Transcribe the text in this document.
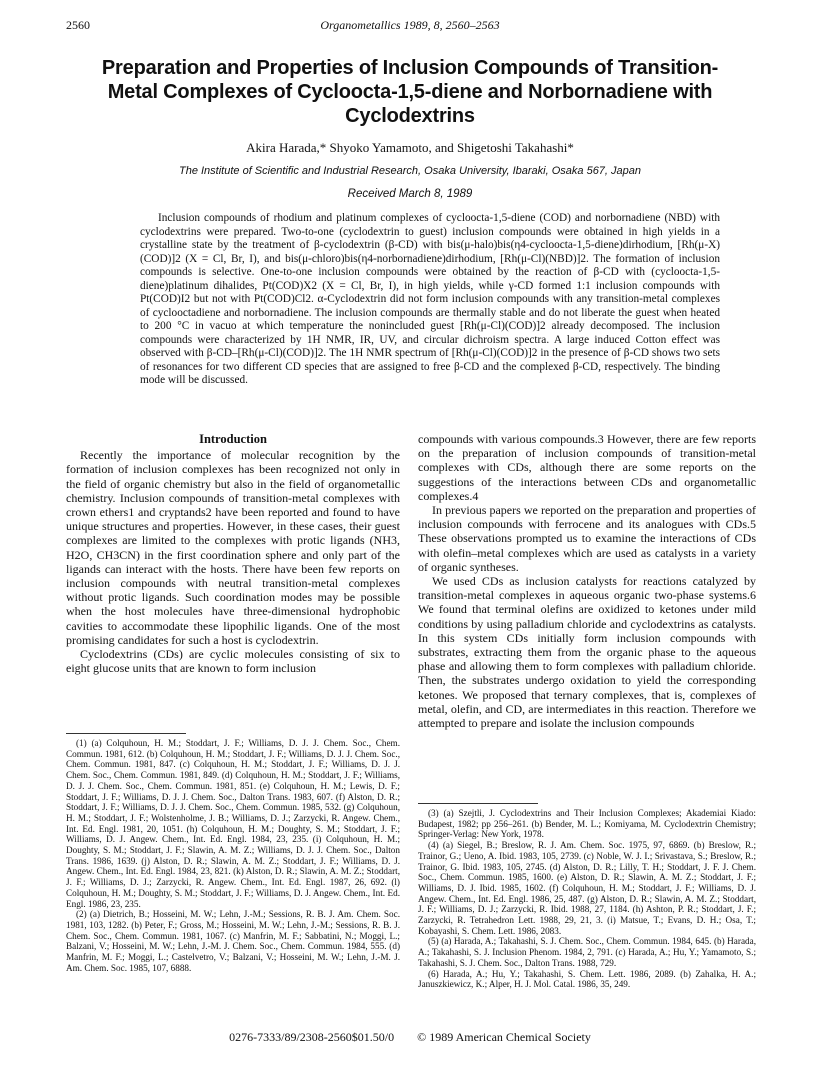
2560	Organometallics 1989, 8, 2560–2563
Preparation and Properties of Inclusion Compounds of Transition-Metal Complexes of Cycloocta-1,5-diene and Norbornadiene with Cyclodextrins
Akira Harada,* Shyoko Yamamoto, and Shigetoshi Takahashi*
The Institute of Scientific and Industrial Research, Osaka University, Ibaraki, Osaka 567, Japan
Received March 8, 1989

Inclusion compounds of rhodium and platinum complexes of cycloocta-1,5-diene (COD) and norbornadiene (NBD) with cyclodextrins were prepared. Two-to-one (cyclodextrin to guest) inclusion compounds were obtained in high yields in a crystalline state by the treatment of β-cyclodextrin (β-CD) with bis(μ-halo)bis(η4-cycloocta-1,5-diene)dirhodium, [Rh(μ-X)(COD)]2 (X = Cl, Br, I), and bis(μ-chloro)bis(η4-norbornadiene)dirhodium, [Rh(μ-Cl)(NBD)]2. The formation of inclusion compounds is selective. One-to-one inclusion compounds were obtained by the reaction of β-CD with (cycloocta-1,5-diene)platinum dihalides, Pt(COD)X2 (X = Cl, Br, I), in high yields, while γ-CD formed 1:1 inclusion compounds with Pt(COD)I2 but not with Pt(COD)Cl2. α-Cyclodextrin did not form inclusion compounds with any transition-metal complexes of cyclooctadiene and norbornadiene. The inclusion compounds are thermally stable and do not liberate the guest when heated to 200 °C in vacuo at which temperature the nonincluded guest [Rh(μ-Cl)(COD)]2 already decomposed. The inclusion compounds were characterized by 1H NMR, IR, UV, and circular dichroism spectra. A large induced Cotton effect was observed with β-CD–[Rh(μ-Cl)(COD)]2. The 1H NMR spectrum of [Rh(μ-Cl)(COD)]2 in the presence of β-CD shows two sets of resonances for two different CD species that are assigned to free β-CD and the complexed β-CD, respectively. The binding mode will be discussed.

Introduction

Recently the importance of molecular recognition by the formation of inclusion complexes has been recognized not only in the field of organic chemistry but also in the field of organometallic chemistry. Inclusion compounds of transition-metal complexes with crown ethers1 and cryptands2 have been reported and found to have unique structures and properties. However, in these cases, their guest complexes are limited to the complexes with protic ligands (NH3, H2O, CH3CN) in the first coordination sphere and only part of the ligands can interact with the hosts. There have been few reports on inclusion compounds with neutral transition-metal complexes without protic ligands. Such coordination modes may be possible when the host molecules have three-dimensional hydrophobic cavities to accommodate these lipophilic ligands. One of the most promising candidates for such a host is cyclodextrin.

Cyclodextrins (CDs) are cyclic molecules consisting of six to eight glucose units that are known to form inclusion

(1) (a) Colquhoun, H. M.; Stoddart, J. F.; Williams, D. J. J. Chem. Soc., Chem. Commun. 1981, 612. (b) Colquhoun, H. M.; Stoddart, J. F.; Williams, D. J. J. Chem. Soc., Chem. Commun. 1981, 847. (c) Colquhoun, H. M.; Stoddart, J. F.; Williams, D. J. J. Chem. Soc., Chem. Commun. 1981, 849. (d) Colquhoun, H. M.; Stoddart, J. F.; Williams, D. J. J. Chem. Soc., Chem. Commun. 1981, 851. (e) Colquhoun, H. M.; Lewis, D. F.; Stoddart, J. F.; Williams, D. J. J. Chem. Soc., Dalton Trans. 1983, 607. (f) Alston, D. R.; Stoddart, J. F.; Williams, D. J. J. Chem. Soc., Chem. Commun. 1985, 532. (g) Colquhoun, H. M.; Stoddart, J. F.; Wolstenholme, J. B.; Williams, D. J.; Zarzycki, R. Angew. Chem., Int. Ed. Engl. 1981, 20, 1051. (h) Colquhoun, H. M.; Doughty, S. M.; Stoddart, J. F.; Williams, D. J. Angew. Chem., Int. Ed. Engl. 1984, 23, 235. (i) Colquhoun, H. M.; Doughty, S. M.; Stoddart, J. F.; Slawin, A. M. Z.; Williams, D. J. J. Chem. Soc., Dalton Trans. 1986, 1639. (j) Alston, D. R.; Slawin, A. M. Z.; Stoddart, J. F.; Williams, D. J. Angew. Chem., Int. Ed. Engl. 1984, 23, 821. (k) Alston, D. R.; Slawin, A. M. Z.; Stoddart, J. F.; Williams, D. J.; Zarzycki, R. Angew. Chem., Int. Ed. Engl. 1987, 26, 692. (l) Colquhoun, H. M.; Doughty, S. M.; Stoddart, J. F.; Williams, D. J. Angew. Chem., Int. Ed. Engl. 1986, 23, 235.

(2) (a) Dietrich, B.; Hosseini, M. W.; Lehn, J.-M.; Sessions, R. B. J. Am. Chem. Soc. 1981, 103, 1282. (b) Peter, F.; Gross, M.; Hosseini, M. W.; Lehn, J.-M.; Sessions, R. B. J. Chem. Soc., Chem. Commun. 1981, 1067. (c) Manfrin, M. F.; Sabbatini, N.; Moggi, L.; Balzani, V.; Hosseini, M. W.; Lehn, J.-M. J. Chem. Soc., Chem. Commun. 1984, 555. (d) Manfrin, M. F.; Moggi, L.; Castelvetro, V.; Balzani, V.; Hosseini, M. W.; Lehn, J.-M. J. Am. Chem. Soc. 1985, 107, 6888.

compounds with various compounds.3 However, there are few reports on the preparation of inclusion compounds of transition-metal complexes with CDs, although there are some reports on the suggestions of the interactions between CDs and organometallic complexes.4

In previous papers we reported on the preparation and properties of inclusion compounds with ferrocene and its analogues with CDs.5 These observations prompted us to examine the interactions of CDs with olefin–metal complexes which are used as catalysts in a variety of organic syntheses.

We used CDs as inclusion catalysts for reactions catalyzed by transition-metal complexes in aqueous organic two-phase systems.6 We found that terminal olefins are oxidized to ketones under mild conditions by using palladium chloride and cyclodextrins as catalysts. In this system CDs initially form inclusion compounds with substrates, extracting them from the organic phase to the aqueous phase and allowing them to form complexes with palladium chloride. Then, the substrates undergo oxidation to yield the corresponding ketones. We proposed that ternary complexes, that is, complexes of metal, olefin, and CD, are intermediates in this reaction. Therefore we attempted to prepare and isolate the inclusion compounds

(3) (a) Szejtli, J. Cyclodextrins and Their Inclusion Complexes; Akademiai Kiado: Budapest, 1982; pp 256–261. (b) Bender, M. L.; Komiyama, M. Cyclodextrin Chemistry; Springer-Verlag: New York, 1978.

(4) (a) Siegel, B.; Breslow, R. J. Am. Chem. Soc. 1975, 97, 6869. (b) Breslow, R.; Trainor, G.; Ueno, A. Ibid. 1983, 105, 2739. (c) Noble, W. J. I.; Srivastava, S.; Breslow, R.; Trainor, G. Ibid. 1983, 105, 2745. (d) Alston, D. R.; Lilly, T. H.; Stoddart, J. F. J. Chem. Soc., Chem. Commun. 1985, 1600. (e) Alston, D. R.; Slawin, A. M. Z.; Stoddart, J. F.; Williams, D. J. Ibid. 1985, 1602. (f) Colquhoun, H. M.; Stoddart, J. F.; Williams, D. J. Angew. Chem., Int. Ed. Engl. 1986, 25, 487. (g) Alston, D. R.; Slawin, A. M. Z.; Stoddart, J. F.; Williams, D. J.; Zarzycki, R. Ibid. 1988, 27, 1184. (h) Ashton, P. R.; Stoddart, J. F.; Zarzycki, R. Tetrahedron Lett. 1988, 29, 21, 3. (i) Matsue, T.; Evans, D. H.; Osa, T.; Kobayashi, S. Chem. Lett. 1986, 2083.

(5) (a) Harada, A.; Takahashi, S. J. Chem. Soc., Chem. Commun. 1984, 645. (b) Harada, A.; Takahashi, S. J. Inclusion Phenom. 1984, 2, 791. (c) Harada, A.; Hu, Y.; Yamamoto, S.; Takahashi, S. J. Chem. Soc., Dalton Trans. 1988, 729.

(6) Harada, A.; Hu, Y.; Takahashi, S. Chem. Lett. 1986, 2089. (b) Zahalka, H. A.; Januszkiewicz, K.; Alper, H. J. Mol. Catal. 1986, 35, 249.

0276-7333/89/2308-2560$01.50/0 © 1989 American Chemical Society
